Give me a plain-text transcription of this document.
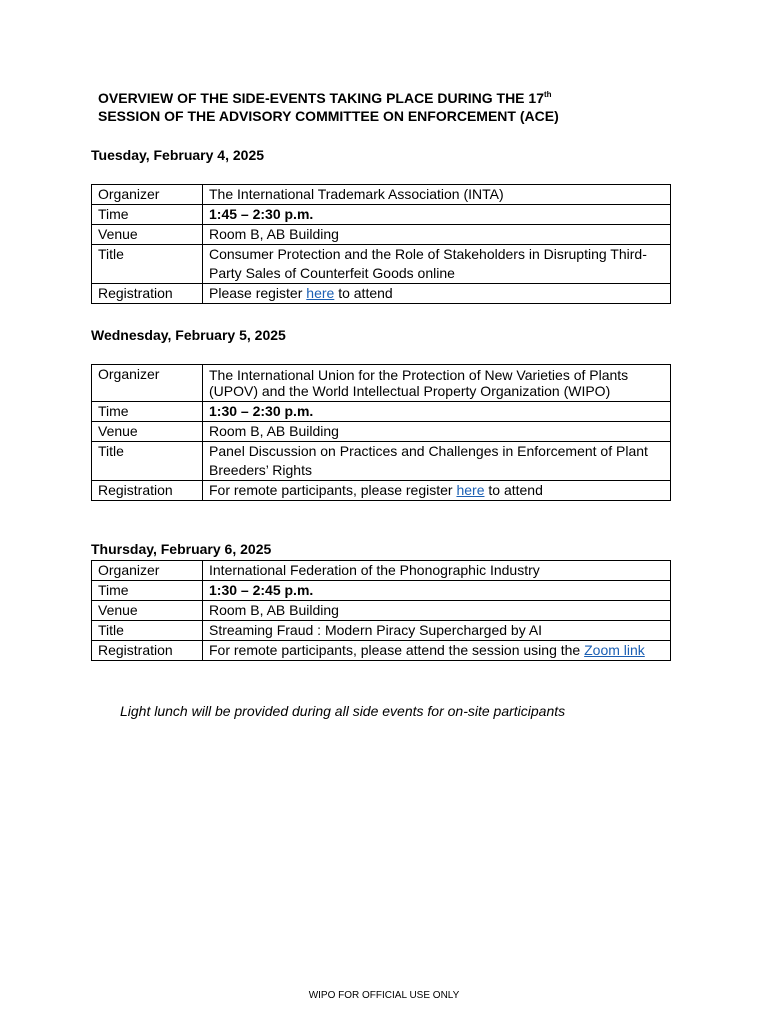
OVERVIEW OF THE SIDE-EVENTS TAKING PLACE DURING THE 17th
SESSION OF THE ADVISORY COMMITTEE ON ENFORCEMENT (ACE)
Tuesday, February 4, 2025
Organizer	The International Trademark Association (INTA)
Time	1:45 – 2:30 p.m.
Venue	Room B, AB Building
Title	Consumer Protection and the Role of Stakeholders in Disrupting Third-Party Sales of Counterfeit Goods online
Registration	Please register here to attend
Wednesday, February 5, 2025
Organizer	The International Union for the Protection of New Varieties of Plants (UPOV) and the World Intellectual Property Organization (WIPO)
Time	1:30 – 2:30 p.m.
Venue	Room B, AB Building
Title	Panel Discussion on Practices and Challenges in Enforcement of Plant Breeders’ Rights
Registration	For remote participants, please register here to attend
Thursday, February 6, 2025
Organizer	International Federation of the Phonographic Industry
Time	1:30 – 2:45 p.m.
Venue	Room B, AB Building
Title	Streaming Fraud : Modern Piracy Supercharged by AI
Registration	For remote participants, please attend the session using the Zoom link
Light lunch will be provided during all side events for on-site participants
WIPO FOR OFFICIAL USE ONLY
